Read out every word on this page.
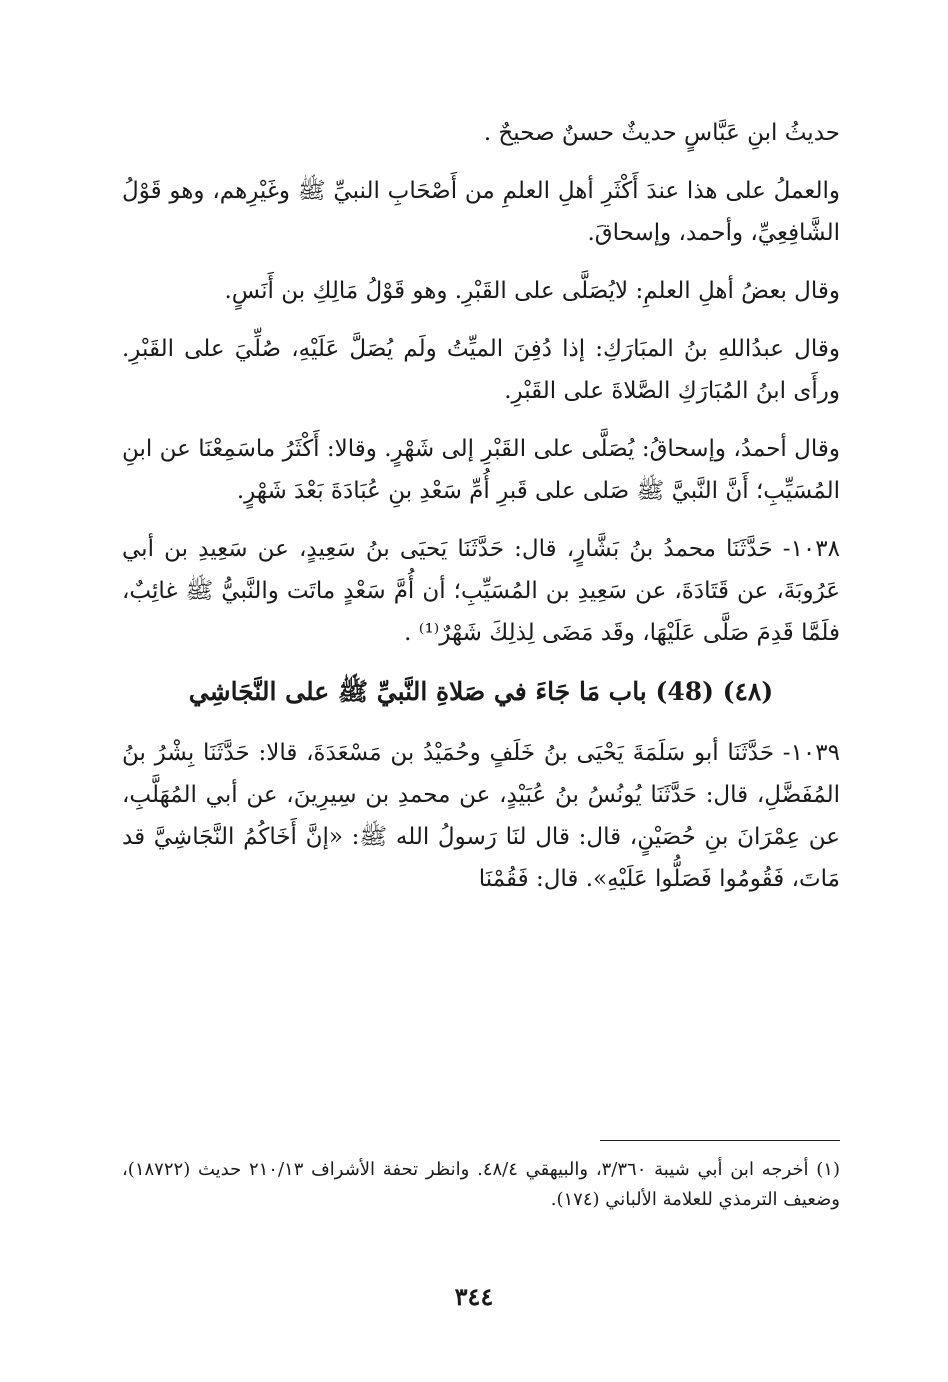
حديثُ ابنِ عَبَّاسٍ حديثٌ حسنٌ صحيحٌ .

والعملُ على هذا عندَ أَكْثَرِ أهلِ العلمِ من أَصْحَابِ النبيِّ ﷺ وغَيْرِهم، وهو قَوْلُ الشَّافِعِيِّ، وأحمد، وإسحاقَ.

وقال بعضُ أهلِ العلمِ: لايُصَلَّى على القَبْرِ. وهو قَوْلُ مَالِكِ بن أَنَسٍ.

وقال عبدُاللهِ بنُ المبَارَكِ: إذا دُفِنَ الميِّتُ ولَم يُصَلَّ عَلَيْهِ، صُلِّيَ على القَبْرِ. ورأَى ابنُ المُبَارَكِ الصَّلاةَ على القَبْرِ.

وقال أحمدُ، وإسحاقُ: يُصَلَّى على القَبْرِ إلى شَهْرٍ. وقالا: أَكْثَرُ ماسَمِعْنَا عن ابنِ المُسَيِّبِ؛ أَنَّ النَّبيَّ ﷺ صَلى على قَبرِ أُمِّ سَعْدِ بنِ عُبَادَةَ بَعْدَ شَهْرٍ.

١٠٣٨- حَدَّثَنَا محمدُ بنُ بَشَّارٍ، قال: حَدَّثَنَا يَحيَى بنُ سَعِيدٍ، عن سَعِيدِ بن أبي عَرُوبَةَ، عن قَتَادَةَ، عن سَعِيدِ بن المُسَيِّبِ؛ أن أُمَّ سَعْدٍ ماتَت والنَّبيُّ ﷺ غائِبٌ، فلَمَّا قَدِمَ صَلَّى عَلَيْهَا، وقَد مَضَى لِذلِكَ شَهْرٌ⁽¹⁾ .

(٤٨) (48) باب مَا جَاءَ في صَلاةِ النَّبيِّ ﷺ على النَّجَاشِي

١٠٣٩- حَدَّثَنَا أبو سَلَمَةَ يَحْيَى بنُ خَلَفٍ وحُمَيْدُ بن مَسْعَدَةَ، قالا: حَدَّثَنَا بِشْرُ بنُ المُفَضَّلِ، قال: حَدَّثَنَا يُونُسُ بنُ عُبَيْدٍ، عن محمدِ بن سِيرِينَ، عن أبي المُهَلَّبِ، عن عِمْرَانَ بنِ حُصَيْنٍ، قال: قال لنَا رَسولُ الله ﷺ: «إنَّ أَخَاكُمُ النَّجَاشِيَّ قد مَاتَ، فَقُومُوا فَصَلُّوا عَلَيْهِ». قال: فَقُمْنَا

(١) أخرجه ابن أبي شيبة ٣/٣٦٠، والبيهقي ٤٨/٤. وانظر تحفة الأشراف ٢١٠/١٣ حديث (١٨٧٢٢)، وضعيف الترمذي للعلامة الألباني (١٧٤).

٣٤٤
